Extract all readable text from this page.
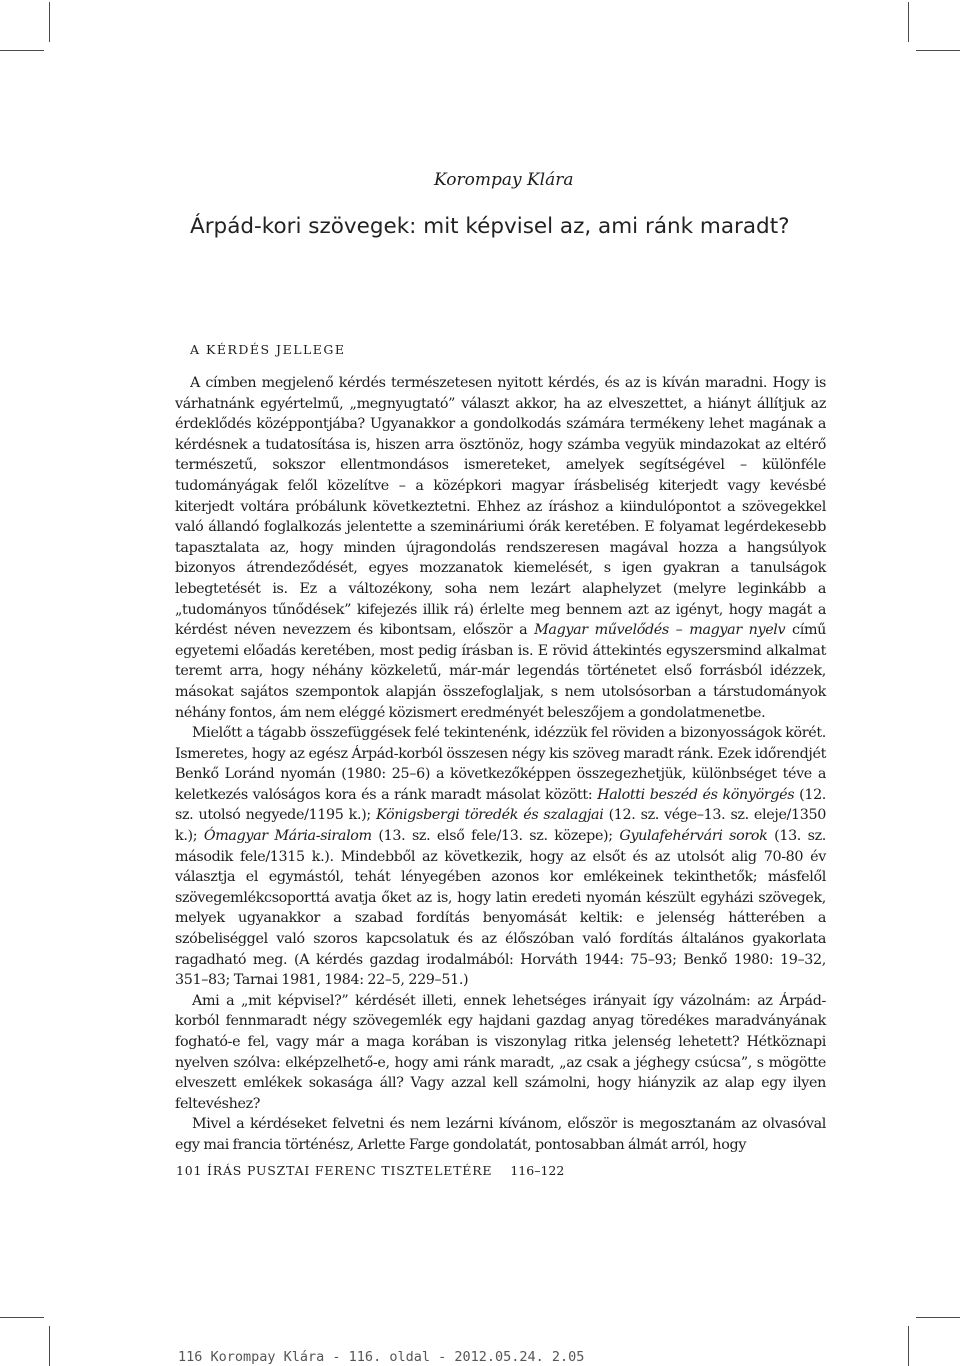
Korompay Klára
Árpád-kori szövegek: mit képvisel az, ami ránk maradt?
A KÉRDÉS JELLEGE

A címben megjelenő kérdés természetesen nyitott kérdés, és az is kíván maradni. Hogy is várhatnánk egyértelmű, „megnyugtató” választ akkor, ha az elveszettet, a hiányt állítjuk az érdeklődés középpontjába? Ugyanakkor a gondolkodás számára termékeny lehet magának a kérdésnek a tudatosítása is, hiszen arra ösztönöz, hogy számba vegyük mindazokat az eltérő természetű, sokszor ellentmondásos ismereteket, amelyek segítségével – különféle tudományágak felől közelítve – a középkori magyar írásbeliség kiterjedt vagy kevésbé kiterjedt voltára próbálunk következtetni. Ehhez az íráshoz a kiindulópontot a szövegekkel való állandó foglalkozás jelentette a szemináriumi órák keretében. E folyamat legérdekesebb tapasztalata az, hogy minden újragondolás rendszeresen magával hozza a hangsúlyok bizonyos átrendeződését, egyes mozzanatok kiemelését, s igen gyakran a tanulságok lebegtetését is. Ez a változékony, soha nem lezárt alaphelyzet (melyre leginkább a „tudományos tűnődések” kifejezés illik rá) érlelte meg bennem azt az igényt, hogy magát a kérdést néven nevezzem és kibontsam, először a Magyar művelődés – magyar nyelv című egyetemi előadás keretében, most pedig írásban is. E rövid áttekintés egyszersmind alkalmat teremt arra, hogy néhány közkeletű, már-már legendás történetet első forrásból idézzek, másokat sajátos szempontok alapján összefoglaljak, s nem utolsósorban a társtudományok néhány fontos, ám nem eléggé közismert eredményét beleszőjem a gondolatmenetbe.

Mielőtt a tágabb összefüggések felé tekintenénk, idézzük fel röviden a bizonyosságok körét. Ismeretes, hogy az egész Árpád-korból összesen négy kis szöveg maradt ránk. Ezek időrendjét Benkő Loránd nyomán (1980: 25–6) a következőképpen összegezhetjük, különbséget téve a keletkezés valóságos kora és a ránk maradt másolat között: Halotti beszéd és könyörgés (12. sz. utolsó negyede/1195 k.); Königsbergi töredék és szalagjai (12. sz. vége–13. sz. eleje/1350 k.); Ómagyar Mária-siralom (13. sz. első fele/13. sz. közepe); Gyulafehérvári sorok (13. sz. második fele/1315 k.). Mindebből az következik, hogy az elsőt és az utolsót alig 70-80 év választja el egymástól, tehát lényegében azonos kor emlékeinek tekinthetők; másfelől szövegemlékcsoporttá avatja őket az is, hogy latin eredeti nyomán készült egyházi szövegek, melyek ugyanakkor a szabad fordítás benyomását keltik: e jelenség hátterében a szóbeliséggel való szoros kapcsolatuk és az élőszóban való fordítás általános gyakorlata ragadható meg. (A kérdés gazdag irodalmából: Horváth 1944: 75–93; Benkő 1980: 19–32, 351–83; Tarnai 1981, 1984: 22–5, 229–51.)

Ami a „mit képvisel?” kérdését illeti, ennek lehetséges irányait így vázolnám: az Árpád-korból fennmaradt négy szövegemlék egy hajdani gazdag anyag töredékes maradványának fogható-e fel, vagy már a maga korában is viszonylag ritka jelenség lehetett? Hétköznapi nyelven szólva: elképzelhető-e, hogy ami ránk maradt, „az csak a jéghegy csúcsa”, s mögötte elveszett emlékek sokasága áll? Vagy azzal kell számolni, hogy hiányzik az alap egy ilyen feltevéshez?

Mivel a kérdéseket felvetni és nem lezárni kívánom, először is megosztanám az olvasóval egy mai francia történész, Arlette Farge gondolatát, pontosabban álmát arról, hogy

101 ÍRÁS PUSZTAI FERENC TISZTELETÉRE 116–122
116 Korompay Klára - 116. oldal - 2012.05.24. 2.05
